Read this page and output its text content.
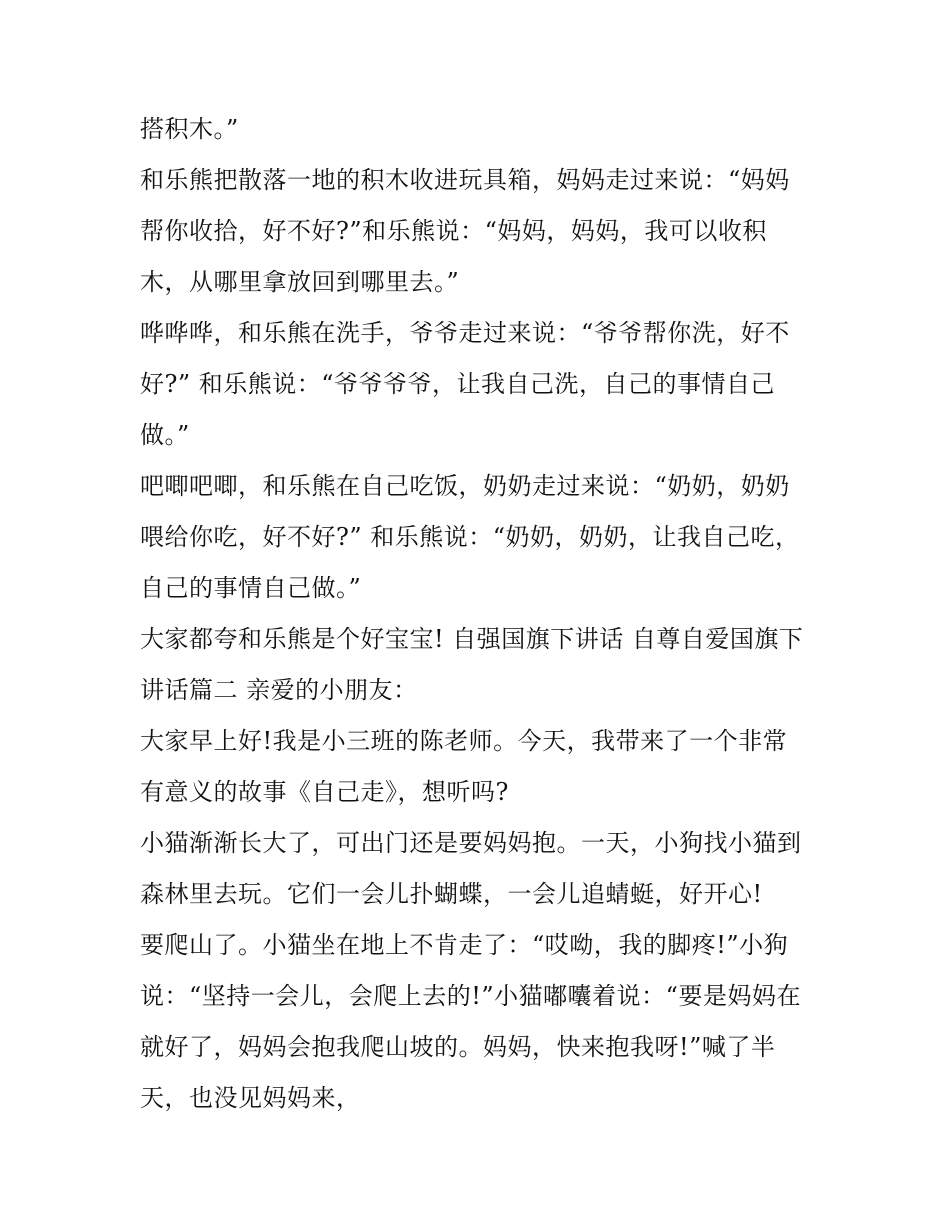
搭积木。”
和乐熊把散落一地的积木收进玩具箱，妈妈走过来说：“妈妈
帮你收拾，好不好?”和乐熊说：“妈妈，妈妈，我可以收积
木，从哪里拿放回到哪里去。”
哗哗哗，和乐熊在洗手，爷爷走过来说：“爷爷帮你洗，好不
好?” 和乐熊说：“爷爷爷爷，让我自己洗，自己的事情自己
做。”
吧唧吧唧，和乐熊在自己吃饭，奶奶走过来说：“奶奶，奶奶
喂给你吃，好不好?” 和乐熊说：“奶奶，奶奶，让我自己吃，
自己的事情自己做。”
大家都夸和乐熊是个好宝宝! 自强国旗下讲话 自尊自爱国旗下
讲话篇二 亲爱的小朋友：
大家早上好!我是小三班的陈老师。今天，我带来了一个非常
有意义的故事《自己走》，想听吗?
小猫渐渐长大了，可出门还是要妈妈抱。一天，小狗找小猫到
森林里去玩。它们一会儿扑蝴蝶，一会儿追蜻蜓，好开心!
要爬山了。小猫坐在地上不肯走了：“哎呦，我的脚疼!”小狗
说：“坚持一会儿，会爬上去的!”小猫嘟囔着说：“要是妈妈在
就好了，妈妈会抱我爬山坡的。妈妈，快来抱我呀!”喊了半
天，也没见妈妈来，
